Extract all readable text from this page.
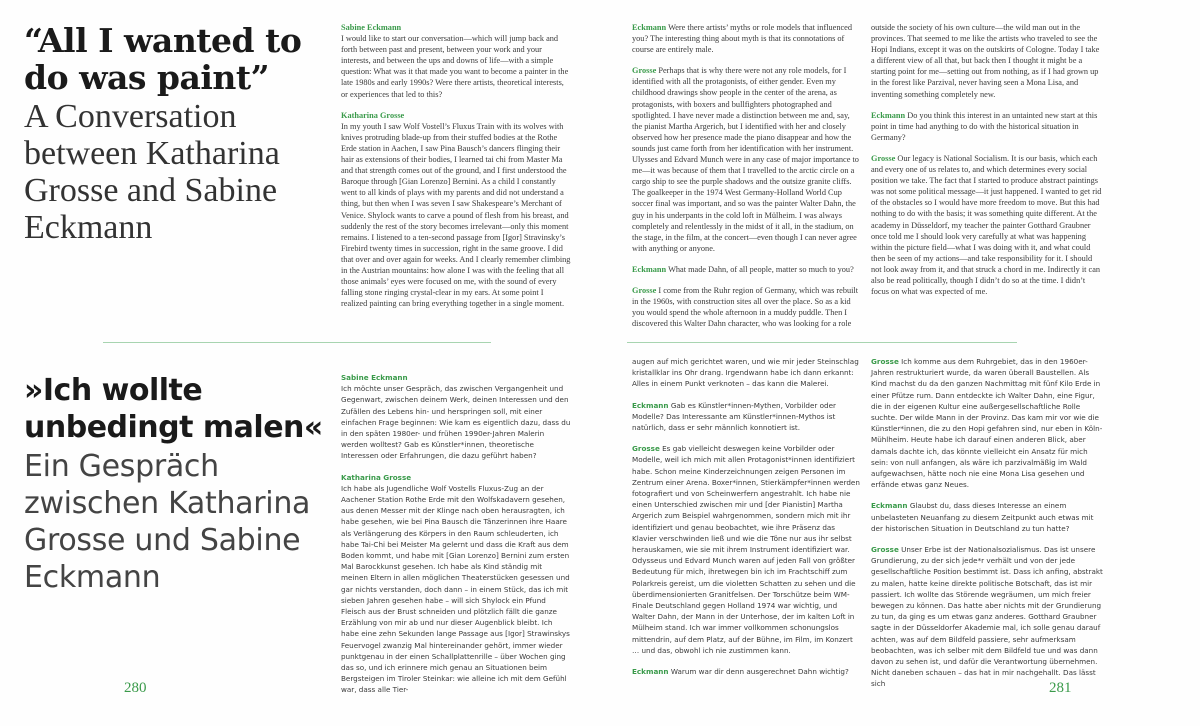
“All I wanted to do was paint”
A Conversation between Katharina Grosse and Sabine Eckmann

Sabine Eckmann
I would like to start our conversation—which will jump back and forth between past and present, between your work and your interests, and between the ups and downs of life—with a simple question: What was it that made you want to become a painter in the late 1980s and early 1990s? Were there artists, theoretical interests, or experiences that led to this?

Katharina Grosse
In my youth I saw Wolf Vostell’s Fluxus Train with its wolves with knives protruding blade-up from their stuffed bodies at the Rothe Erde station in Aachen, I saw Pina Bausch’s dancers flinging their hair as extensions of their bodies, I learned tai chi from Master Ma and that strength comes out of the ground, and I first understood the Baroque through [Gian Lorenzo] Bernini. As a child I constantly went to all kinds of plays with my parents and did not understand a thing, but then when I was seven I saw Shakespeare’s Merchant of Venice. Shylock wants to carve a pound of flesh from his breast, and suddenly the rest of the story becomes irrelevant—only this moment remains. I listened to a ten-second passage from [Igor] Stravinsky’s Firebird twenty times in succession, right in the same groove. I did that over and over again for weeks. And I clearly remember climbing in the Austrian mountains: how alone I was with the feeling that all those animals’ eyes were focused on me, with the sound of every falling stone ringing crystal-clear in my ears. At some point I realized painting can bring everything together in a single moment.

Eckmann Were there artists’ myths or role models that influenced you? The interesting thing about myth is that its connotations of course are entirely male.

Grosse Perhaps that is why there were not any role models, for I identified with all the protagonists, of either gender. Even my childhood drawings show people in the center of the arena, as protagonists, with boxers and bullfighters photographed and spotlighted. I have never made a distinction between me and, say, the pianist Martha Argerich, but I identified with her and closely observed how her presence made the piano disappear and how the sounds just came forth from her identification with her instrument. Ulysses and Edvard Munch were in any case of major importance to me—it was because of them that I travelled to the arctic circle on a cargo ship to see the purple shadows and the outsize granite cliffs. The goalkeeper in the 1974 West Germany-Holland World Cup soccer final was important, and so was the painter Walter Dahn, the guy in his underpants in the cold loft in Mülheim. I was always completely and relentlessly in the midst of it all, in the stadium, on the stage, in the film, at the concert—even though I can never agree with anything or anyone.

Eckmann What made Dahn, of all people, matter so much to you?

Grosse I come from the Ruhr region of Germany, which was rebuilt in the 1960s, with construction sites all over the place. So as a kid you would spend the whole afternoon in a muddy puddle. Then I discovered this Walter Dahn character, who was looking for a role

outside the society of his own culture—the wild man out in the provinces. That seemed to me like the artists who traveled to see the Hopi Indians, except it was on the outskirts of Cologne. Today I take a different view of all that, but back then I thought it might be a starting point for me—setting out from nothing, as if I had grown up in the forest like Parzival, never having seen a Mona Lisa, and inventing something completely new.

Eckmann Do you think this interest in an untainted new start at this point in time had anything to do with the historical situation in Germany?

Grosse Our legacy is National Socialism. It is our basis, which each and every one of us relates to, and which determines every social position we take. The fact that I started to produce abstract paintings was not some political message—it just happened. I wanted to get rid of the obstacles so I would have more freedom to move. But this had nothing to do with the basis; it was something quite different. At the academy in Düsseldorf, my teacher the painter Gotthard Graubner once told me I should look very carefully at what was happening within the picture field—what I was doing with it, and what could then be seen of my actions—and take responsibility for it. I should not look away from it, and that struck a chord in me. Indirectly it can also be read politically, though I didn’t do so at the time. I didn’t focus on what was expected of me.

»Ich wollte unbedingt malen«
Ein Gespräch zwischen Katharina Grosse und Sabine Eckmann

Sabine Eckmann
Ich möchte unser Gespräch, das zwischen Vergangenheit und Gegenwart, zwischen deinem Werk, deinen Interessen und den Zufällen des Lebens hin- und herspringen soll, mit einer einfachen Frage beginnen: Wie kam es eigentlich dazu, dass du in den späten 1980er- und frühen 1990er-Jahren Malerin werden wolltest? Gab es Künstler*innen, theoretische Interessen oder Erfahrungen, die dazu geführt haben?

Katharina Grosse
Ich habe als Jugendliche Wolf Vostells Fluxus-Zug an der Aachener Station Rothe Erde mit den Wolfskadavern gesehen, aus denen Messer mit der Klinge nach oben herausragten, ich habe gesehen, wie bei Pina Bausch die Tänzerinnen ihre Haare als Verlängerung des Körpers in den Raum schleuderten, ich habe Tai-Chi bei Meister Ma gelernt und dass die Kraft aus dem Boden kommt, und habe mit [Gian Lorenzo] Bernini zum ersten Mal Barockkunst gesehen. Ich habe als Kind ständig mit meinen Eltern in allen möglichen Theaterstücken gesessen und gar nichts verstanden, doch dann – in einem Stück, das ich mit sieben Jahren gesehen habe – will sich Shylock ein Pfund Fleisch aus der Brust schneiden und plötzlich fällt die ganze Erzählung von mir ab und nur dieser Augenblick bleibt. Ich habe eine zehn Sekunden lange Passage aus [Igor] Strawinskys Feuervogel zwanzig Mal hintereinander gehört, immer wieder punktgenau in der einen Schallplattenrille – über Wochen ging das so, und ich erinnere mich genau an Situationen beim Bergsteigen im Tiroler Steinkar: wie alleine ich mit dem Gefühl war, dass alle Tier-

augen auf mich gerichtet waren, und wie mir jeder Steinschlag kristallklar ins Ohr drang. Irgendwann habe ich dann erkannt: Alles in einem Punkt verknoten – das kann die Malerei.

Eckmann Gab es Künstler*innen-Mythen, Vorbilder oder Modelle? Das Interessante am Künstler*innen-Mythos ist natürlich, dass er sehr männlich konnotiert ist.

Grosse Es gab vielleicht deswegen keine Vorbilder oder Modelle, weil ich mich mit allen Protagonist*innen identifiziert habe. Schon meine Kinderzeichnungen zeigen Personen im Zentrum einer Arena. Boxer*innen, Stierkämpfer*innen werden fotografiert und von Scheinwerfern angestrahlt. Ich habe nie einen Unterschied zwischen mir und [der Pianistin] Martha Argerich zum Beispiel wahrgenommen, sondern mich mit ihr identifiziert und genau beobachtet, wie ihre Präsenz das Klavier verschwinden ließ und wie die Töne nur aus ihr selbst herauskamen, wie sie mit ihrem Instrument identifiziert war. Odysseus und Edvard Munch waren auf jeden Fall von größter Bedeutung für mich, ihretwegen bin ich im Frachtschiff zum Polarkreis gereist, um die violetten Schatten zu sehen und die überdimensionierten Granitfelsen. Der Torschütze beim WM-Finale Deutschland gegen Holland 1974 war wichtig, und Walter Dahn, der Mann in der Unterhose, der im kalten Loft in Mülheim stand. Ich war immer vollkommen schonungslos mittendrin, auf dem Platz, auf der Bühne, im Film, im Konzert … und das, obwohl ich nie zustimmen kann.

Eckmann Warum war dir denn ausgerechnet Dahn wichtig?

Grosse Ich komme aus dem Ruhrgebiet, das in den 1960er-Jahren restrukturiert wurde, da waren überall Baustellen. Als Kind machst du da den ganzen Nachmittag mit fünf Kilo Erde in einer Pfütze rum. Dann entdeckte ich Walter Dahn, eine Figur, die in der eigenen Kultur eine außergesellschaftliche Rolle suchte. Der wilde Mann in der Provinz. Das kam mir vor wie die Künstler*innen, die zu den Hopi gefahren sind, nur eben in Köln-Mühlheim. Heute habe ich darauf einen anderen Blick, aber damals dachte ich, das könnte vielleicht ein Ansatz für mich sein: von null anfangen, als wäre ich parzivalmäßig im Wald aufgewachsen, hätte noch nie eine Mona Lisa gesehen und erfände etwas ganz Neues.

Eckmann Glaubst du, dass dieses Interesse an einem unbelasteten Neuanfang zu diesem Zeitpunkt auch etwas mit der historischen Situation in Deutschland zu tun hatte?

Grosse Unser Erbe ist der Nationalsozialismus. Das ist unsere Grundierung, zu der sich jede*r verhält und von der jede gesellschaftliche Position bestimmt ist. Dass ich anfing, abstrakt zu malen, hatte keine direkte politische Botschaft, das ist mir passiert. Ich wollte das Störende wegräumen, um mich freier bewegen zu können. Das hatte aber nichts mit der Grundierung zu tun, da ging es um etwas ganz anderes. Gotthard Graubner sagte in der Düsseldorfer Akademie mal, ich solle genau darauf achten, was auf dem Bildfeld passiere, sehr aufmerksam beobachten, was ich selber mit dem Bildfeld tue und was dann davon zu sehen ist, und dafür die Verantwortung übernehmen. Nicht daneben schauen – das hat in mir nachgehallt. Das lässt sich

280	281
